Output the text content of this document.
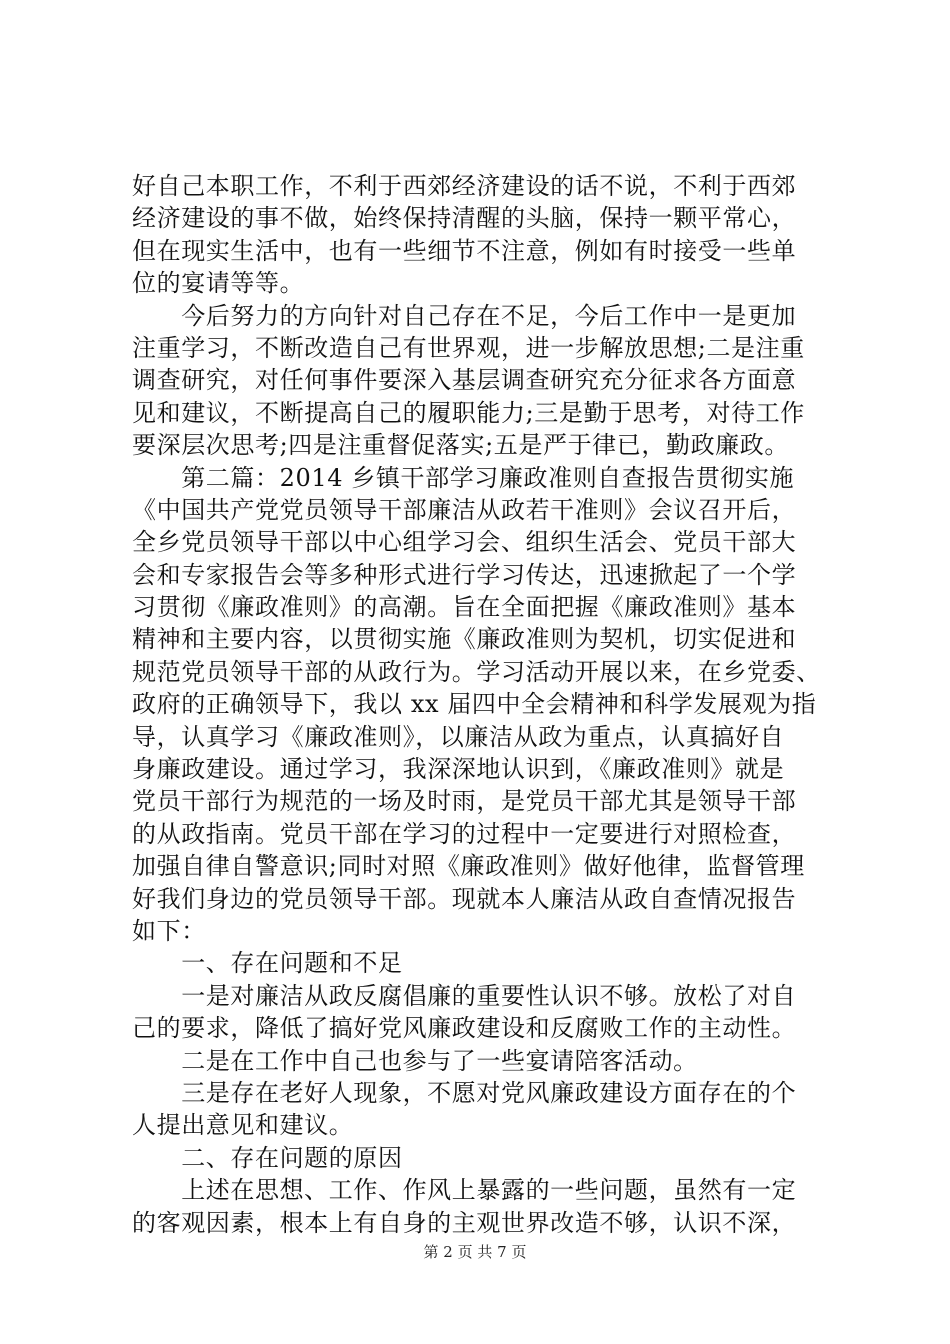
好自己本职工作，不利于西郊经济建设的话不说，不利于西郊
经济建设的事不做，始终保持清醒的头脑，保持一颗平常心，
但在现实生活中，也有一些细节不注意，例如有时接受一些单
位的宴请等等。
今后努力的方向针对自己存在不足，今后工作中一是更加
注重学习，不断改造自己有世界观，进一步解放思想;二是注重
调查研究，对任何事件要深入基层调查研究充分征求各方面意
见和建议，不断提高自己的履职能力;三是勤于思考，对待工作
要深层次思考;四是注重督促落实;五是严于律已，勤政廉政。
第二篇：2014 乡镇干部学习廉政准则自查报告贯彻实施
《中国共产党党员领导干部廉洁从政若干准则》会议召开后，
全乡党员领导干部以中心组学习会、组织生活会、党员干部大
会和专家报告会等多种形式进行学习传达，迅速掀起了一个学
习贯彻《廉政准则》的高潮。旨在全面把握《廉政准则》基本
精神和主要内容，以贯彻实施《廉政准则为契机，切实促进和
规范党员领导干部的从政行为。学习活动开展以来，在乡党委、
政府的正确领导下，我以 xx 届四中全会精神和科学发展观为指
导，认真学习《廉政准则》，以廉洁从政为重点，认真搞好自
身廉政建设。通过学习，我深深地认识到，《廉政准则》就是
党员干部行为规范的一场及时雨，是党员干部尤其是领导干部
的从政指南。党员干部在学习的过程中一定要进行对照检查，
加强自律自警意识;同时对照《廉政准则》做好他律，监督管理
好我们身边的党员领导干部。现就本人廉洁从政自查情况报告
如下：
一、存在问题和不足
一是对廉洁从政反腐倡廉的重要性认识不够。放松了对自
己的要求，降低了搞好党风廉政建设和反腐败工作的主动性。
二是在工作中自己也参与了一些宴请陪客活动。
三是存在老好人现象，不愿对党风廉政建设方面存在的个
人提出意见和建议。
二、存在问题的原因
上述在思想、工作、作风上暴露的一些问题，虽然有一定
的客观因素，根本上有自身的主观世界改造不够，认识不深，
第 2 页 共 7 页
